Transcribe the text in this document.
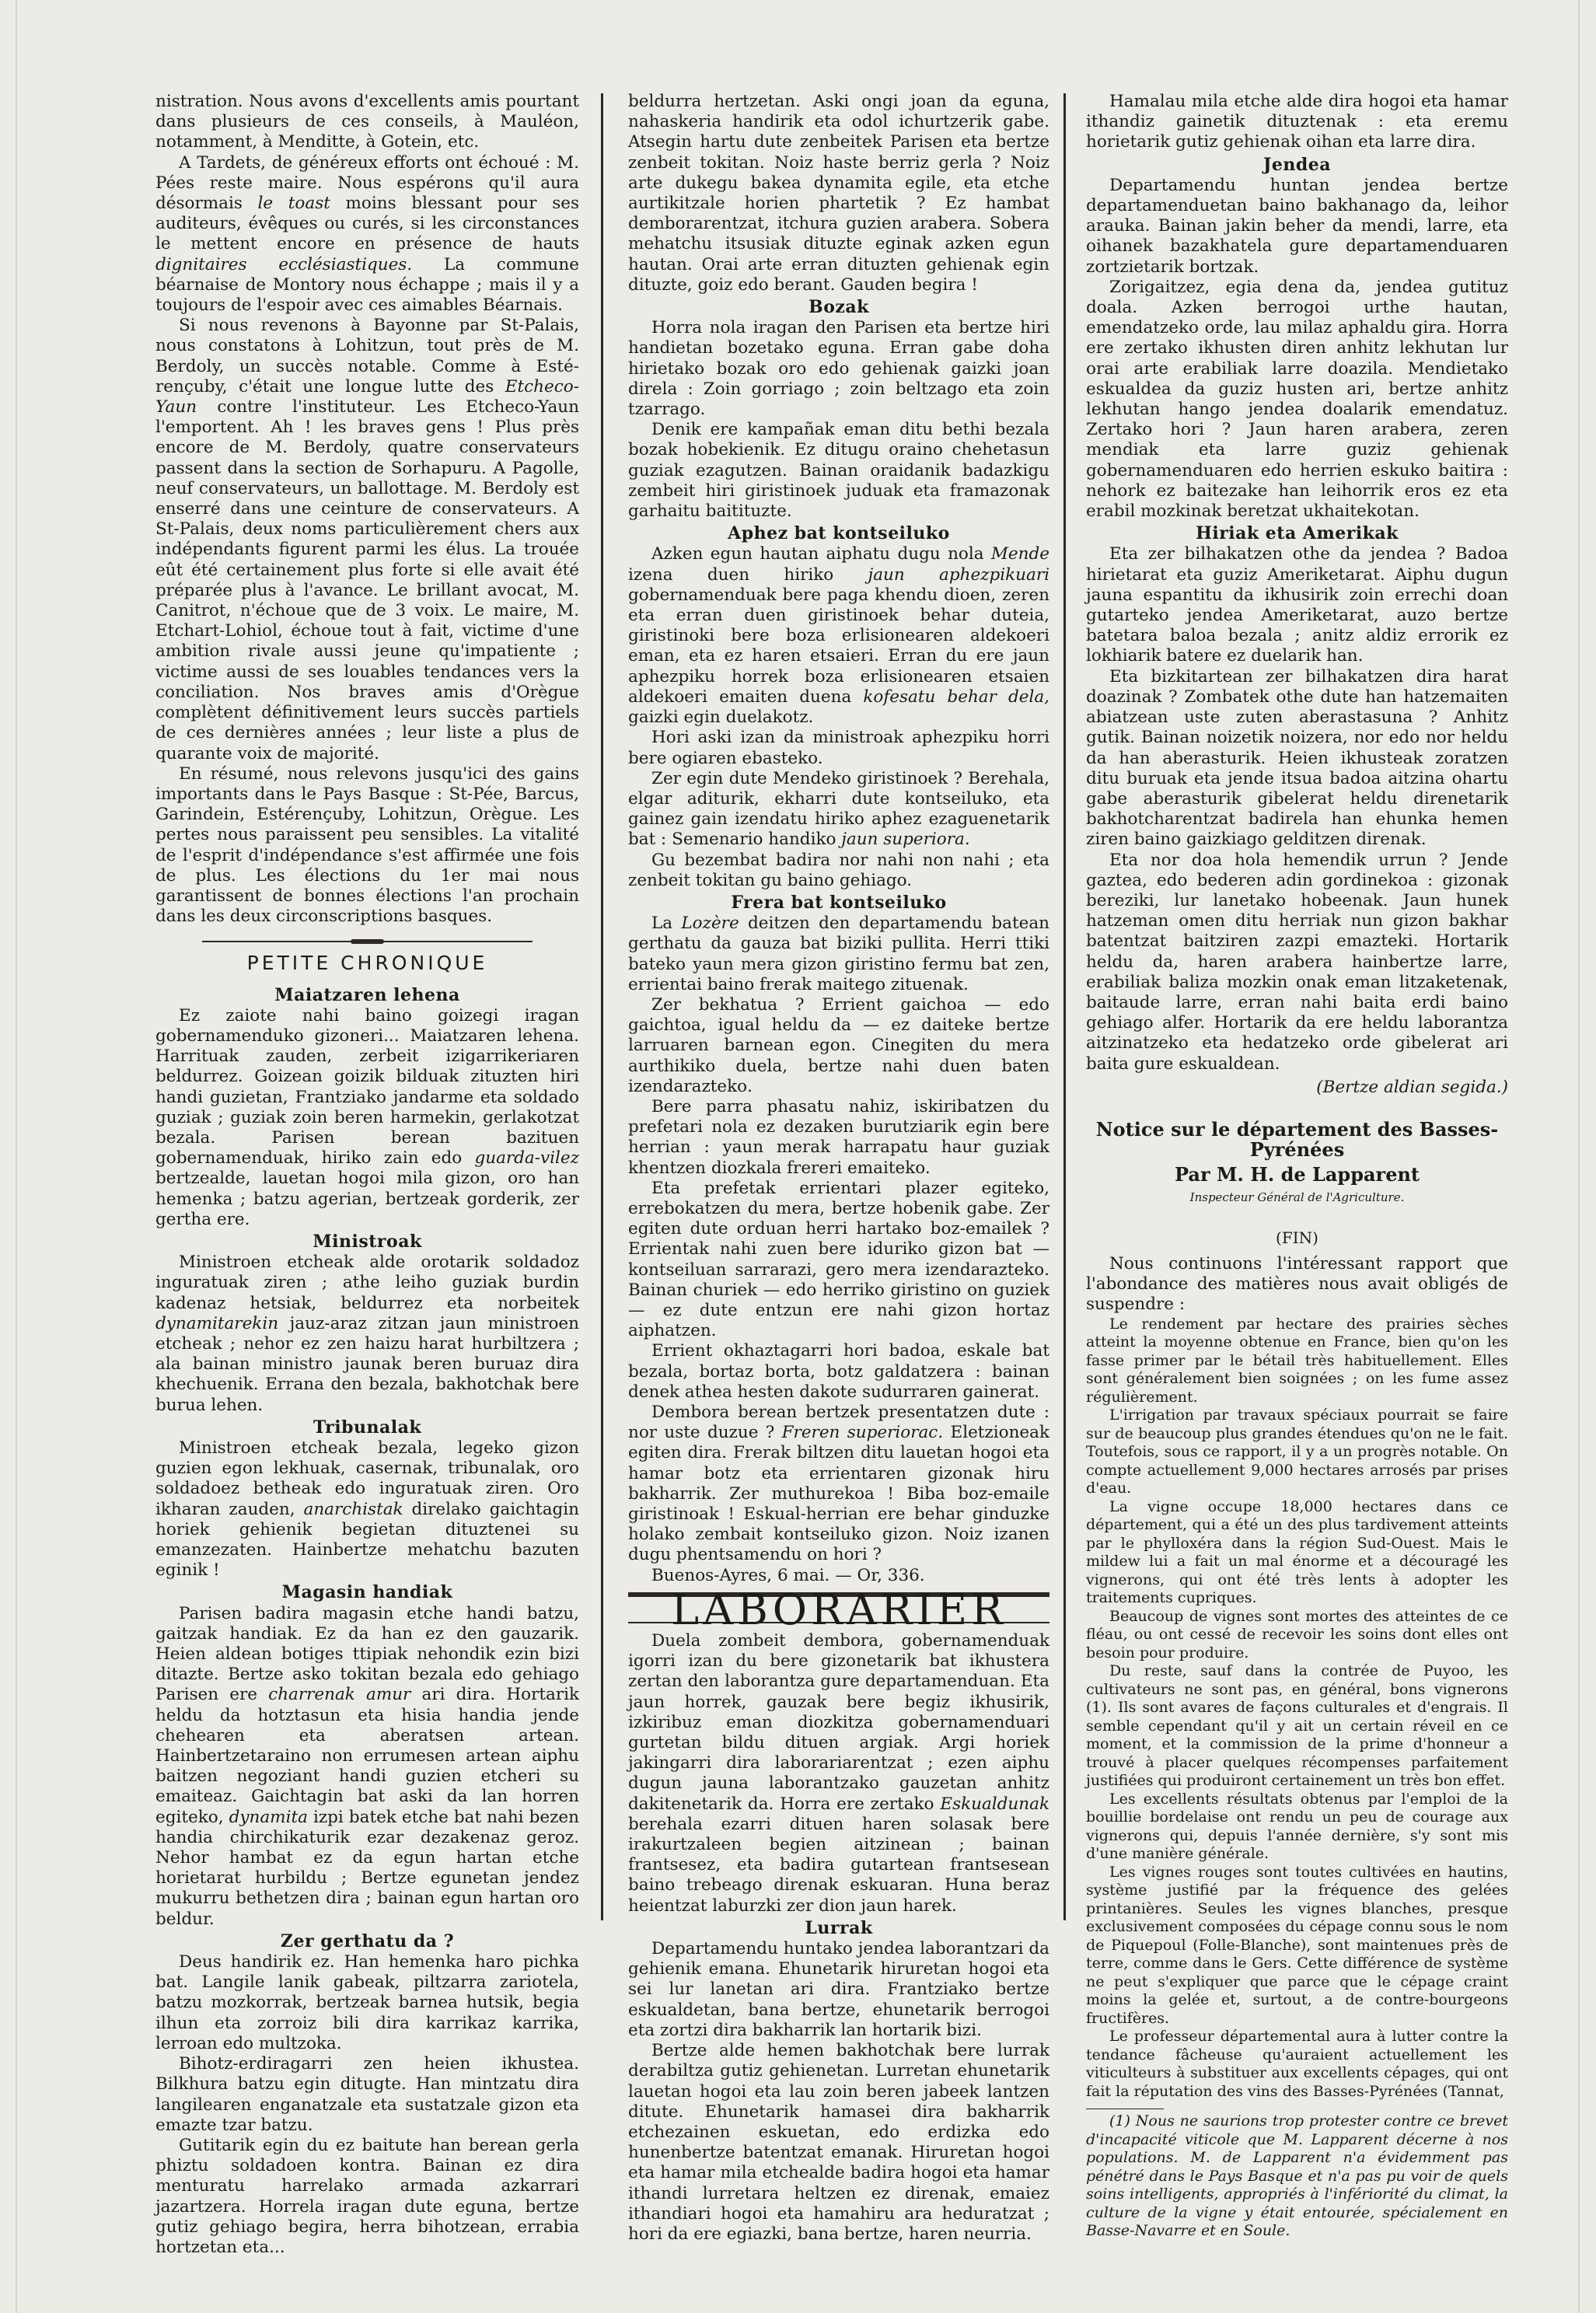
nistration. Nous avons d'excellents amis pourtant dans plusieurs de ces conseils, à Mauléon, notamment, à Menditte, à Gotein, etc.

A Tardets, de généreux efforts ont échoué : M. Pées reste maire. Nous espérons qu'il aura désormais le toast moins blessant pour ses auditeurs, évêques ou curés, si les circonstances le mettent encore en présence de hauts dignitaires ecclésiastiques. La commune béarnaise de Montory nous échappe ; mais il y a toujours de l'espoir avec ces aimables Béarnais.

Si nous revenons à Bayonne par St-Palais, nous constatons à Lohitzun, tout près de M. Berdoly, un succès notable. Comme à Esté-rençuby, c'était une longue lutte des Etcheco-Yaun contre l'instituteur. Les Etcheco-Yaun l'emportent. Ah ! les braves gens ! Plus près encore de M. Berdoly, quatre conservateurs passent dans la section de Sorhapuru. A Pagolle, neuf conservateurs, un ballottage. M. Berdoly est enserré dans une ceinture de conservateurs. A St-Palais, deux noms particulièrement chers aux indépendants figurent parmi les élus. La trouée eût été certainement plus forte si elle avait été préparée plus à l'avance. Le brillant avocat, M. Canitrot, n'échoue que de 3 voix. Le maire, M. Etchart-Lohiol, échoue tout à fait, victime d'une ambition rivale aussi jeune qu'impatiente ; victime aussi de ses louables tendances vers la conciliation. Nos braves amis d'Orègue complètent définitivement leurs succès partiels de ces dernières années ; leur liste a plus de quarante voix de majorité.

En résumé, nous relevons jusqu'ici des gains importants dans le Pays Basque : St-Pée, Barcus, Garindein, Estérençuby, Lohitzun, Orègue. Les pertes nous paraissent peu sensibles. La vitalité de l'esprit d'indépendance s'est affirmée une fois de plus. Les élections du 1er mai nous garantissent de bonnes élections l'an prochain dans les deux circonscriptions basques.

PETITE CHRONIQUE
Maiatzaren lehena

Ez zaiote nahi baino goizegi iragan gobernamenduko gizoneri... Maiatzaren lehena. Harrituak zauden, zerbeit izigarrikeriaren beldurrez. Goizean goizik bilduak zituzten hiri handi guzietan, Frantziako jandarme eta soldado guziak ; guziak zoin beren harmekin, gerlakotzat bezala. Parisen berean bazituen gobernamenduak, hiriko zain edo guarda-vilez bertzealde, lauetan hogoi mila gizon, oro han hemenka ; batzu agerian, bertzeak gorderik, zer gertha ere.

Ministroak

Ministroen etcheak alde orotarik soldadoz inguratuak ziren ; athe leiho guziak burdin kadenaz hetsiak, beldurrez eta norbeitek dynamitarekin jauz-araz zitzan jaun ministroen etcheak ; nehor ez zen haizu harat hurbiltzera ; ala bainan ministro jaunak beren buruaz dira khechuenik. Errana den bezala, bakhotchak bere burua lehen.

Tribunalak

Ministroen etcheak bezala, legeko gizon guzien egon lekhuak, casernak, tribunalak, oro soldadoez betheak edo inguratuak ziren. Oro ikharan zauden, anarchistak direlako gaichtagin horiek gehienik begietan dituztenei su emanzezaten. Hainbertze mehatchu bazuten eginik !

Magasin handiak

Parisen badira magasin etche handi batzu, gaitzak handiak. Ez da han ez den gauzarik. Heien aldean botiges ttipiak nehondik ezin bizi ditazte. Bertze asko tokitan bezala edo gehiago Parisen ere charrenak amur ari dira. Hortarik heldu da hotztasun eta hisia handia jende chehearen eta aberatsen artean. Hainbertzetaraino non errumesen artean aiphu baitzen negoziant handi guzien etcheri su emaiteaz. Gaichtagin bat aski da lan horren egiteko, dynamita izpi batek etche bat nahi bezen handia chirchikaturik ezar dezakenaz geroz. Nehor hambat ez da egun hartan etche horietarat hurbildu ; Bertze egunetan jendez mukurru bethetzen dira ; bainan egun hartan oro beldur.

Zer gerthatu da ?

Deus handirik ez. Han hemenka haro pichka bat. Langile lanik gabeak, piltzarra zariotela, batzu mozkorrak, bertzeak barnea hutsik, begia ilhun eta zorroiz bili dira karrikaz karrika, lerroan edo multzoka.

Bihotz-erdiragarri zen heien ikhustea. Bilkhura batzu egin ditugte. Han mintzatu dira langilearen enganatzale eta sustatzale gizon eta emazte tzar batzu.

Gutitarik egin du ez baitute han berean gerla phiztu soldadoen kontra. Bainan ez dira menturatu harrelako armada azkarrari jazartzera. Horrela iragan dute eguna, bertze gutiz gehiago begira, herra bihotzean, errabia hortzetan eta...

beldurra hertzetan. Aski ongi joan da eguna, nahaskeria handirik eta odol ichurtzerik gabe. Atsegin hartu dute zenbeitek Parisen eta bertze zenbeit tokitan. Noiz haste berriz gerla ? Noiz arte dukegu bakea dynamita egile, eta etche aurtikitzale horien phartetik ? Ez hambat demborarentzat, itchura guzien arabera. Sobera mehatchu itsusiak dituzte eginak azken egun hautan. Orai arte erran dituzten gehienak egin dituzte, goiz edo berant. Gauden begira !

Bozak

Horra nola iragan den Parisen eta bertze hiri handietan bozetako eguna. Erran gabe doha hirietako bozak oro edo gehienak gaizki joan direla : Zoin gorriago ; zoin beltzago eta zoin tzarrago.

Denik ere kampañak eman ditu bethi bezala bozak hobekienik. Ez ditugu oraino chehetasun guziak ezagutzen. Bainan oraidanik badazkigu zembeit hiri giristinoek juduak eta framazonak garhaitu baitituzte.

Aphez bat kontseiluko

Azken egun hautan aiphatu dugu nola Mende izena duen hiriko jaun aphezpikuari gobernamenduak bere paga khendu dioen, zeren eta erran duen giristinoek behar duteia, giristinoki bere boza erlisionearen aldekoeri eman, eta ez haren etsaieri. Erran du ere jaun aphezpiku horrek boza erlisionearen etsaien aldekoeri emaiten duena kofesatu behar dela, gaizki egin duelakotz.

Hori aski izan da ministroak aphezpiku horri bere ogiaren ebasteko.

Zer egin dute Mendeko giristinoek ? Berehala, elgar aditurik, ekharri dute kontseiluko, eta gainez gain izendatu hiriko aphez ezaguenetarik bat : Semenario handiko jaun superiora.

Gu bezembat badira nor nahi non nahi ; eta zenbeit tokitan gu baino gehiago.

Frera bat kontseiluko

La Lozère deitzen den departamendu batean gerthatu da gauza bat biziki pullita. Herri ttiki bateko yaun mera gizon giristino fermu bat zen, errientai baino frerak maitego zituenak.

Zer bekhatua ? Errient gaichoa — edo gaichtoa, igual heldu da — ez daiteke bertze larruaren barnean egon. Cinegiten du mera aurthikiko duela, bertze nahi duen baten izendaraztekо.

Bere parra phasatu nahiz, iskiribatzen du prefetari nola ez dezaken burutziarik egin bere herrian : yaun merak harrapatu haur guziak khentzen diozkala frereri emaiteko.

Eta prefetak errientari plazer egiteko, errebokatzen du mera, bertze hobenik gabe. Zer egiten dute orduan herri hartako boz-emailek ? Errientak nahi zuen bere iduriko gizon bat — kontseiluan sarrarazi, gero mera izendaraztekо. Bainan churiek — edo herriko giristino on guziek — ez dute entzun ere nahi gizon hortaz aiphatzen.

Errient okhaztagarri hori badoa, eskale bat bezala, bortaz borta, botz galdatzera : bainan denek athea hesten dakote sudurraren gainerat.

Dembora berean bertzek presentatzen dute : nor uste duzue ? Freren superiorac. Eletzioneak egiten dira. Frerak biltzen ditu lauetan hogoi eta hamar botz eta errientaren gizonak hiru bakharrik. Zer muthurekoa ! Biba boz-emaile giristinoak ! Eskual-herrian ere behar ginduzke holako zembait kontseiluko gizon. Noiz izanen dugu phentsamendu on hori ?

Buenos-Ayres, 6 mai. — Or, 336.

LABORARIER

Duela zombeit dembora, gobernamenduak igorri izan du bere gizonetarik bat ikhustera zertan den laborantza gure departamenduan. Eta jaun horrek, gauzak bere begiz ikhusirik, izkiribuz eman diozkitza gobernamenduari gurtetan bildu dituen argiak. Argi horiek jakingarri dira laborariarentzat ; ezen aiphu dugun jauna laborantzako gauzetan anhitz dakitenetarik da. Horra ere zertako Eskualdunak berehala ezarri dituen haren solasak bere irakurtzaleen begien aitzinean ; bainan frantsesez, eta badira gutartean frantsesean baino trebeago direnak eskuaran. Huna beraz heientzat laburzki zer dion jaun harek.

Lurrak

Departamendu huntako jendea laborantzari da gehienik emana. Ehunetarik hiruretan hogoi eta sei lur lanetan ari dira. Frantziako bertze eskualdetan, bana bertze, ehunetarik berrogoi eta zortzi dira bakharrik lan hortarik bizi.

Bertze alde hemen bakhotchak bere lurrak derabiltza gutiz gehienetan. Lurretan ehunetarik lauetan hogoi eta lau zoin beren jabeek lantzen ditute. Ehunetarik hamasei dira bakharrik etchezainen eskuetan, edo erdizka edo hunenbertze batentzat emanak. Hiruretan hogoi eta hamar mila etchealde badira hogoi eta hamar ithandi lurretara heltzen ez direnak, emaiez ithandiari hogoi eta hamahiru ara heduratzat ; hori da ere egiazki, bana bertze, haren neurria.

Hamalau mila etche alde dira hogoi eta hamar ithandiz gainetik dituztenak : eta eremu horietarik gutiz gehienak oihan eta larre dira.

Jendea

Departamendu huntan jendea bertze departamenduetan baino bakhanago da, leihor arauka. Bainan jakin beher da mendi, larre, eta oihanek bazakhatela gure departamenduaren zortzietarik bortzak.

Zorigaitzez, egia dena da, jendea gutituz doala. Azken berrogoi urthe hautan, emendatzeko orde, lau milaz aphaldu gira. Horra ere zertako ikhusten diren anhitz lekhutan lur orai arte erabiliak larre doazila. Mendietako eskualdea da guziz husten ari, bertze anhitz lekhutan hango jendea doalarik emendatuz. Zertako hori ? Jaun haren arabera, zeren mendiak eta larre guziz gehienak gobernamenduaren edo herrien eskuko baitira : nehork ez baitezake han leihorrik eros ez eta erabil mozkinak beretzat ukhaitekotan.

Hiriak eta Amerikak

Eta zer bilhakatzen othe da jendea ? Badoa hirietarat eta guziz Ameriketarat. Aiphu dugun jauna espantitu da ikhusirik zoin errechi doan gutarteko jendea Ameriketarat, auzo bertze batetara baloa bezala ; anitz aldiz errorik ez lokhiarik batere ez duelarik han.

Eta bizkitartean zer bilhakatzen dira harat doazinak ? Zombatek othe dute han hatzemaiten abiatzean uste zuten aberastasuna ? Anhitz gutik. Bainan noizetik noizera, nor edo nor heldu da han aberasturik. Heien ikhusteak zoratzen ditu buruak eta jende itsua badoa aitzina ohartu gabe aberasturik gibelerat heldu direnetarik bakhotcharentzat badirela han ehunka hemen ziren baino gaizkiago gelditzen direnak.

Eta nor doa hola hemendik urrun ? Jende gaztea, edo bederen adin gordinekoa : gizonak bereziki, lur lanetako hobeenak. Jaun hunek hatzeman omen ditu herriak nun gizon bakhar batentzat baitziren zazpi emazteki. Hortarik heldu da, haren arabera hainbertze larre, erabiliak baliza mozkin onak eman litzaketenak, baitaude larre, erran nahi baita erdi baino gehiago alfer. Hortarik da ere heldu laborantza aitzinatzeko eta hedatzeko orde gibelerat ari baita gure eskualdean.

(Bertze aldian segida.)
Notice sur le département des Basses-Pyrénées
Par M. H. de Lapparent
Inspecteur Général de l'Agriculture.
(FIN)

Nous continuons l'intéressant rapport que l'abondance des matières nous avait obligés de suspendre :

Le rendement par hectare des prairies sèches atteint la moyenne obtenue en France, bien qu'on les fasse primer par le bétail très habituellement. Elles sont généralement bien soignées ; on les fume assez régulièrement.

L'irrigation par travaux spéciaux pourrait se faire sur de beaucoup plus grandes étendues qu'on ne le fait. Toutefois, sous ce rapport, il y a un progrès notable. On compte actuellement 9,000 hectares arrosés par prises d'eau.

La vigne occupe 18,000 hectares dans ce département, qui a été un des plus tardivement atteints par le phylloxéra dans la région Sud-Ouest. Mais le mildew lui a fait un mal énorme et a découragé les vignerons, qui ont été très lents à adopter les traitements cupriques.

Beaucoup de vignes sont mortes des atteintes de ce fléau, ou ont cessé de recevoir les soins dont elles ont besoin pour produire.

Du reste, sauf dans la contrée de Puyoo, les cultivateurs ne sont pas, en général, bons vignerons (1). Ils sont avares de façons culturales et d'engrais. Il semble cependant qu'il y ait un certain réveil en ce moment, et la commission de la prime d'honneur a trouvé à placer quelques récompenses parfaitement justifiées qui produiront certainement un très bon effet.

Les excellents résultats obtenus par l'emploi de la bouillie bordelaise ont rendu un peu de courage aux vignerons qui, depuis l'année dernière, s'y sont mis d'une manière générale.

Les vignes rouges sont toutes cultivées en hautins, système justifié par la fréquence des gelées printanières. Seules les vignes blanches, presque exclusivement composées du cépage connu sous le nom de Piquepoul (Folle-Blanche), sont maintenues près de terre, comme dans le Gers. Cette différence de système ne peut s'expliquer que parce que le cépage craint moins la gelée et, surtout, a de contre-bourgeons fructifères.

Le professeur départemental aura à lutter contre la tendance fâcheuse qu'auraient actuellement les viticulteurs à substituer aux excellents cépages, qui ont fait la réputation des vins des Basses-Pyrénées (Tannat,

(1) Nous ne saurions trop protester contre ce brevet d'incapacité viticole que M. Lapparent décerne à nos populations. M. de Lapparent n'a évidemment pas pénétré dans le Pays Basque et n'a pas pu voir de quels soins intelligents, appropriés à l'infériorité du climat, la culture de la vigne y était entourée, spécialement en Basse-Navarre et en Soule.
